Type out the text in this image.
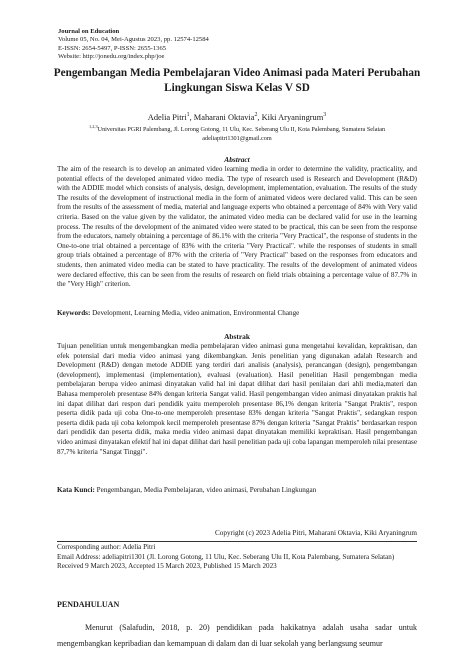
Journal on Education
Volume 05, No. 04, Mei-Agustus 2023, pp. 12574-12584
E-ISSN: 2654-5497, P-ISSN: 2655-1365
Website: http://jonedu.org/index.php/joe
Pengembangan Media Pembelajaran Video Animasi pada Materi Perubahan Lingkungan Siswa Kelas V SD
Adelia Pitri$^1$, Maharani Oktavia$^2$, Kiki Aryaningrum$^3$
$^{1,2,3}$Universitas PGRI Palembang, Jl. Lorong Gotong, 11 Ulu, Kec. Seberang Ulu II, Kota Palembang, Sumatera Selatan
adeliapitri1301@gmail.com
Abstract

The aim of the research is to develop an animated video learning media in order to determine the validity, practicality, and potential effects of the developed animated video media. The type of research used is Research and Development (R&D) with the ADDIE model which consists of analysis, design, development, implementation, evaluation. The results of the study The results of the development of instructional media in the form of animated videos were declared valid. This can be seen from the results of the assessment of media, material and language experts who obtained a percentage of 84% with Very valid criteria. Based on the value given by the validator, the animated video media can be declared valid for use in the learning process. The results of the development of the animated video were stated to be practical, this can be seen from the response from the educators, namely obtaining a percentage of 86.1% with the criteria "Very Practical", the response of students in the One-to-one trial obtained a percentage of 83% with the criteria "Very Practical". while the responses of students in small group trials obtained a percentage of 87% with the criteria of "Very Practical" based on the responses from educators and students, then animated video media can be stated to have practicality. The results of the development of animated videos were declared effective, this can be seen from the results of research on field trials obtaining a percentage value of 87.7% in the "Very High" criterion.

Keywords: Development, Learning Media, video animation, Environmental Change
Abstrak

Tujuan penelitian untuk mengembangkan media pembelajaran video animasi guna mengetahui kevalidan, kepraktisan, dan efek potensial dari media video animasi yang dikembangkan. Jenis penelitian yang digunakan adalah Research and Development (R&D) dengan metode ADDIE yang terdiri dari analisis (analysis), perancangan (design), pengembangan (development), implementasi (implementation), evaluasi (evaluation). Hasil penelitian Hasil pengembngan media pembelajaran berupa video animasi dinyatakan valid hal ini dapat dilihat dari hasil penilaian dari ahli media,materi dan Bahasa memperoleh presentase 84% dengan kriteria Sangat valid. Hasil pengembangan video animasi dinyatakan praktis hal ini dapat dilihat dari respon dari pendidik yaitu memperoleh presentase 86,1% dengan kriteria "Sangat Praktis", respon peserta didik pada uji coba One-to-one memperoleh presentase 83% dengan kriteria "Sangat Praktis", sedangkan respon peserta didik pada uji coba kelompok kecil memperoleh presentase 87% dengan kriteria "Sangat Praktis" berdasarkan respon dari pendidik dan peserta didik, maka media video animasi dapat dinyatakan memiliki kepraktisan. Hasil pengembangan video animasi dinyatakan efektif hal ini dapat dilihat dari hasil penelitian pada uji coba lapangan memperoleh nilai presentase 87,7% kriteria "Sangat Tinggi".

Kata Kunci: Pengembangan, Media Pembelajaran, video animasi, Perubahan Lingkungan
Copyright (c) 2023 Adelia Pitri, Maharani Oktavia, Kiki Aryaningrum
Corresponding author: Adelia Pitri
Email Address: adeliapitri1301 (Jl. Lorong Gotong, 11 Ulu, Kec. Seberang Ulu II, Kota Palembang, Sumatera Selatan)
Received 9 March 2023, Accepted 15 March 2023, Published 15 March 2023
PENDAHULUAN

Menurut (Salafudin, 2018, p. 20) pendidikan pada hakikatnya adalah usaha sadar untuk mengembangkan kepribadian dan kemampuan di dalam dan di luar sekolah yang berlangsung seumur
